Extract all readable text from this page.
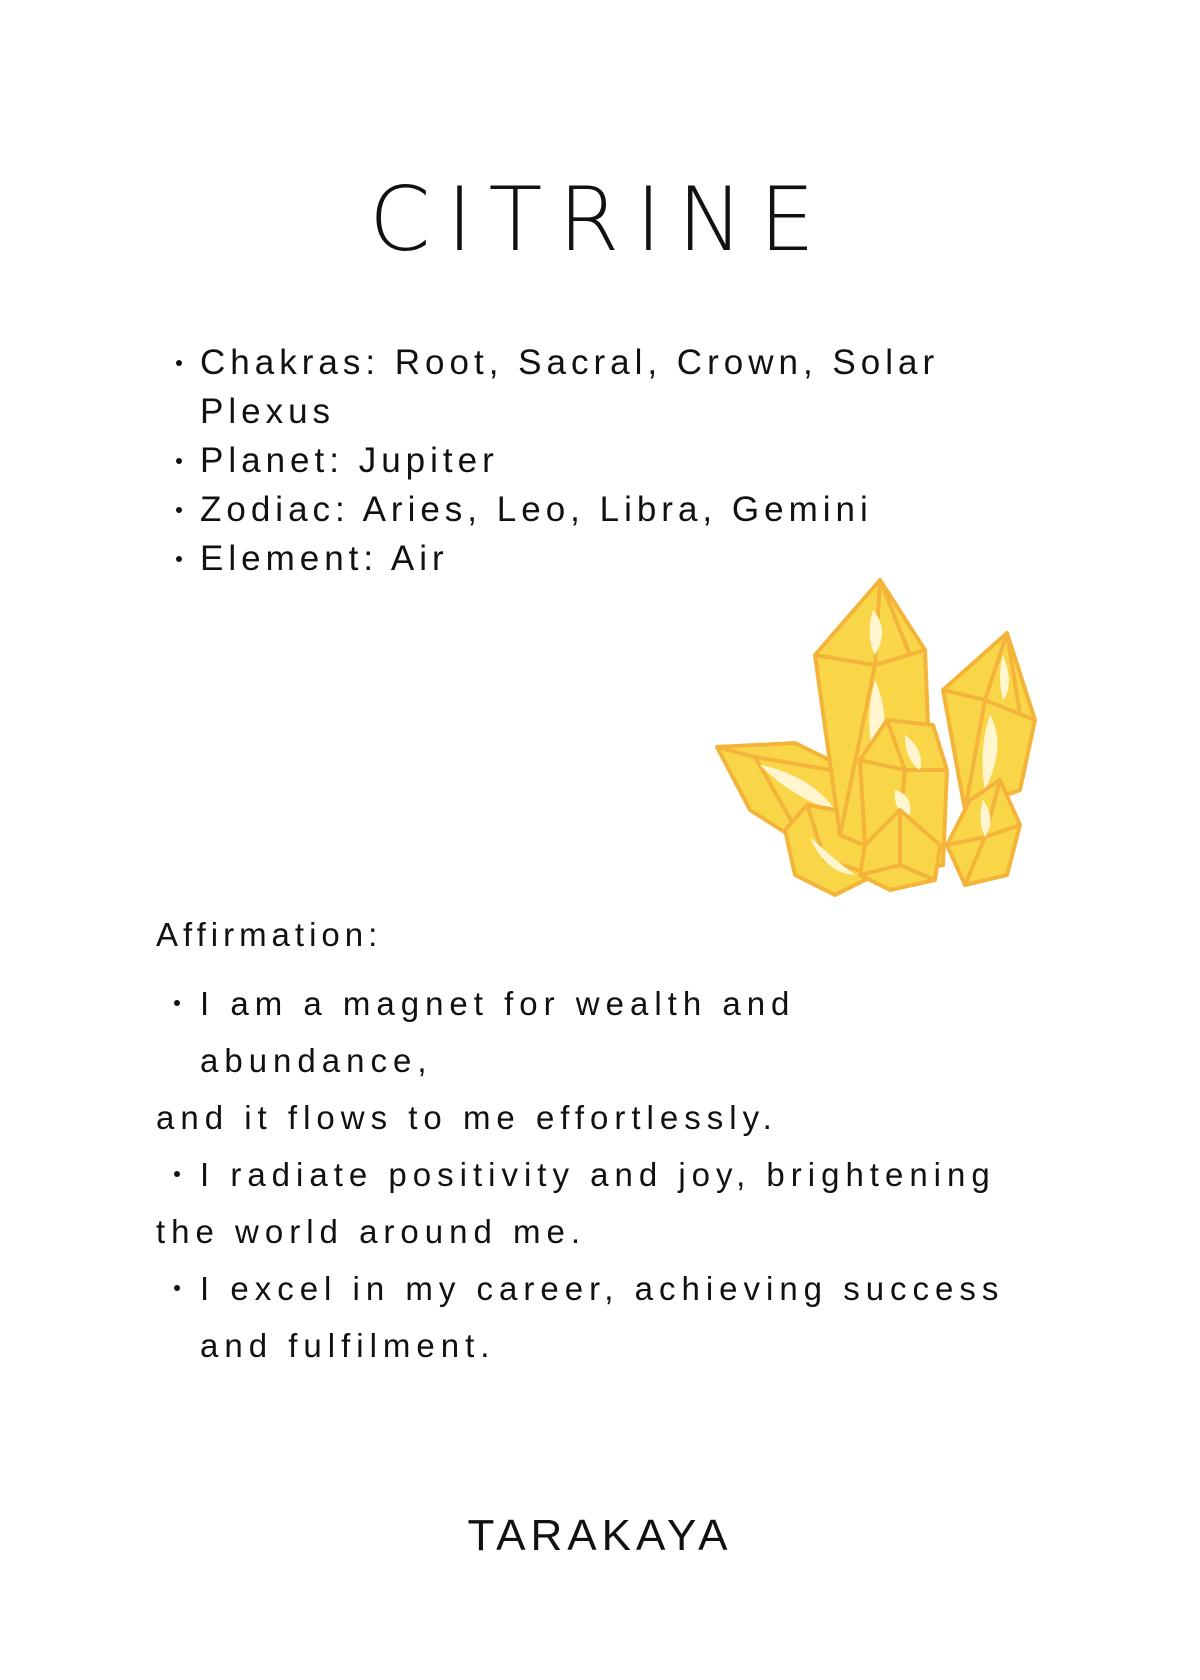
CITRINE
Chakras: Root, Sacral, Crown, Solar Plexus
Planet: Jupiter
Zodiac: Aries, Leo, Libra, Gemini
Element: Air
Affirmation:
I am a magnet for wealth and abundance,

and it flows to me effortlessly.

I radiate positivity and joy, brightening

the world around me.

I excel in my career, achieving success and fulfilment.
TARAKAYA
